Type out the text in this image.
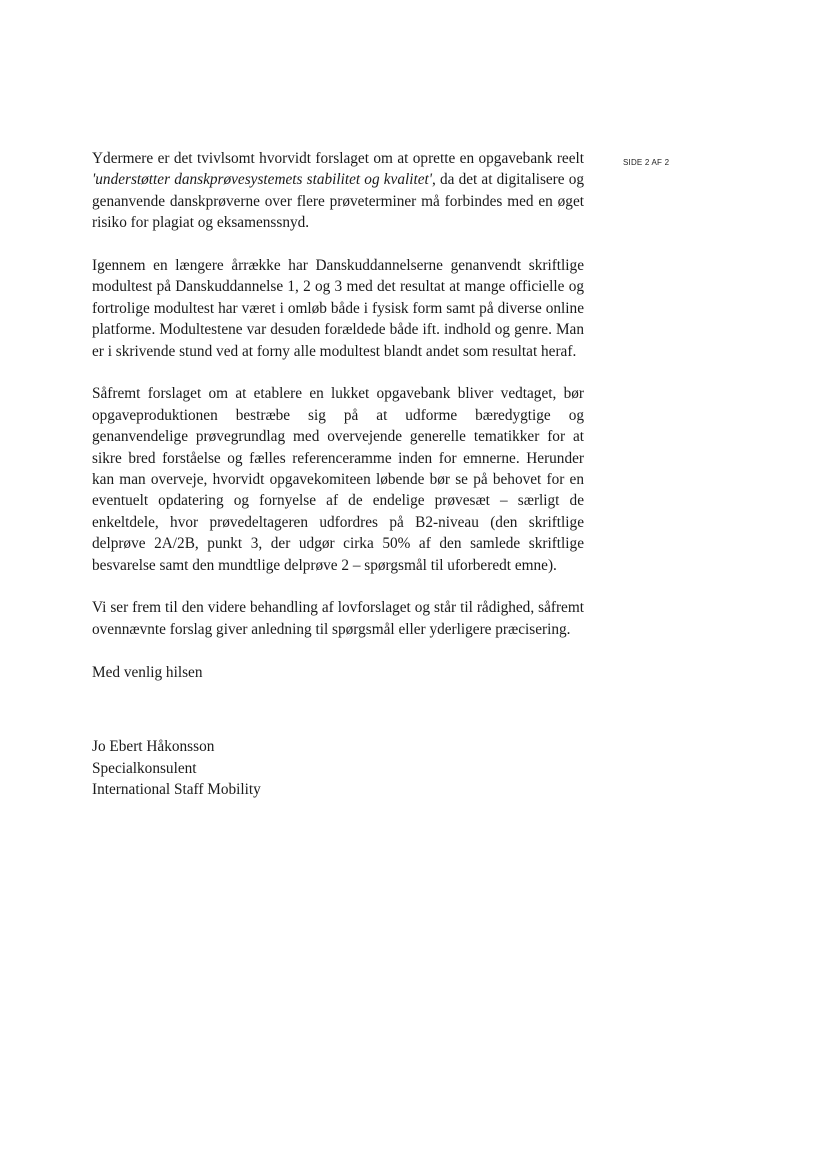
SIDE 2 AF 2

Ydermere er det tvivlsomt hvorvidt forslaget om at oprette en opgavebank reelt 'understøtter danskprøvesystemets stabilitet og kvalitet', da det at digitalisere og genanvende danskprøverne over flere prøveterminer må forbindes med en øget risiko for plagiat og eksamenssnyd.

Igennem en længere årrække har Danskuddannelserne genanvendt skriftlige modultest på Danskuddannelse 1, 2 og 3 med det resultat at mange officielle og fortrolige modultest har været i omløb både i fysisk form samt på diverse online platforme. Modultestene var desuden forældede både ift. indhold og genre. Man er i skrivende stund ved at forny alle modultest blandt andet som resultat heraf.

Såfremt forslaget om at etablere en lukket opgavebank bliver vedtaget, bør opgaveproduktionen bestræbe sig på at udforme bæredygtige og genanvendelige prøvegrundlag med overvejende generelle tematikker for at sikre bred forståelse og fælles referenceramme inden for emnerne. Herunder kan man overveje, hvorvidt opgavekomiteen løbende bør se på behovet for en eventuelt opdatering og fornyelse af de endelige prøvesæt – særligt de enkeltdele, hvor prøvedeltageren udfordres på B2-niveau (den skriftlige delprøve 2A/2B, punkt 3, der udgør cirka 50% af den samlede skriftlige besvarelse samt den mundtlige delprøve 2 – spørgsmål til uforberedt emne).

Vi ser frem til den videre behandling af lovforslaget og står til rådighed, såfremt ovennævnte forslag giver anledning til spørgsmål eller yderligere præcisering.

Med venlig hilsen

Jo Ebert Håkonsson

Specialkonsulent

International Staff Mobility
